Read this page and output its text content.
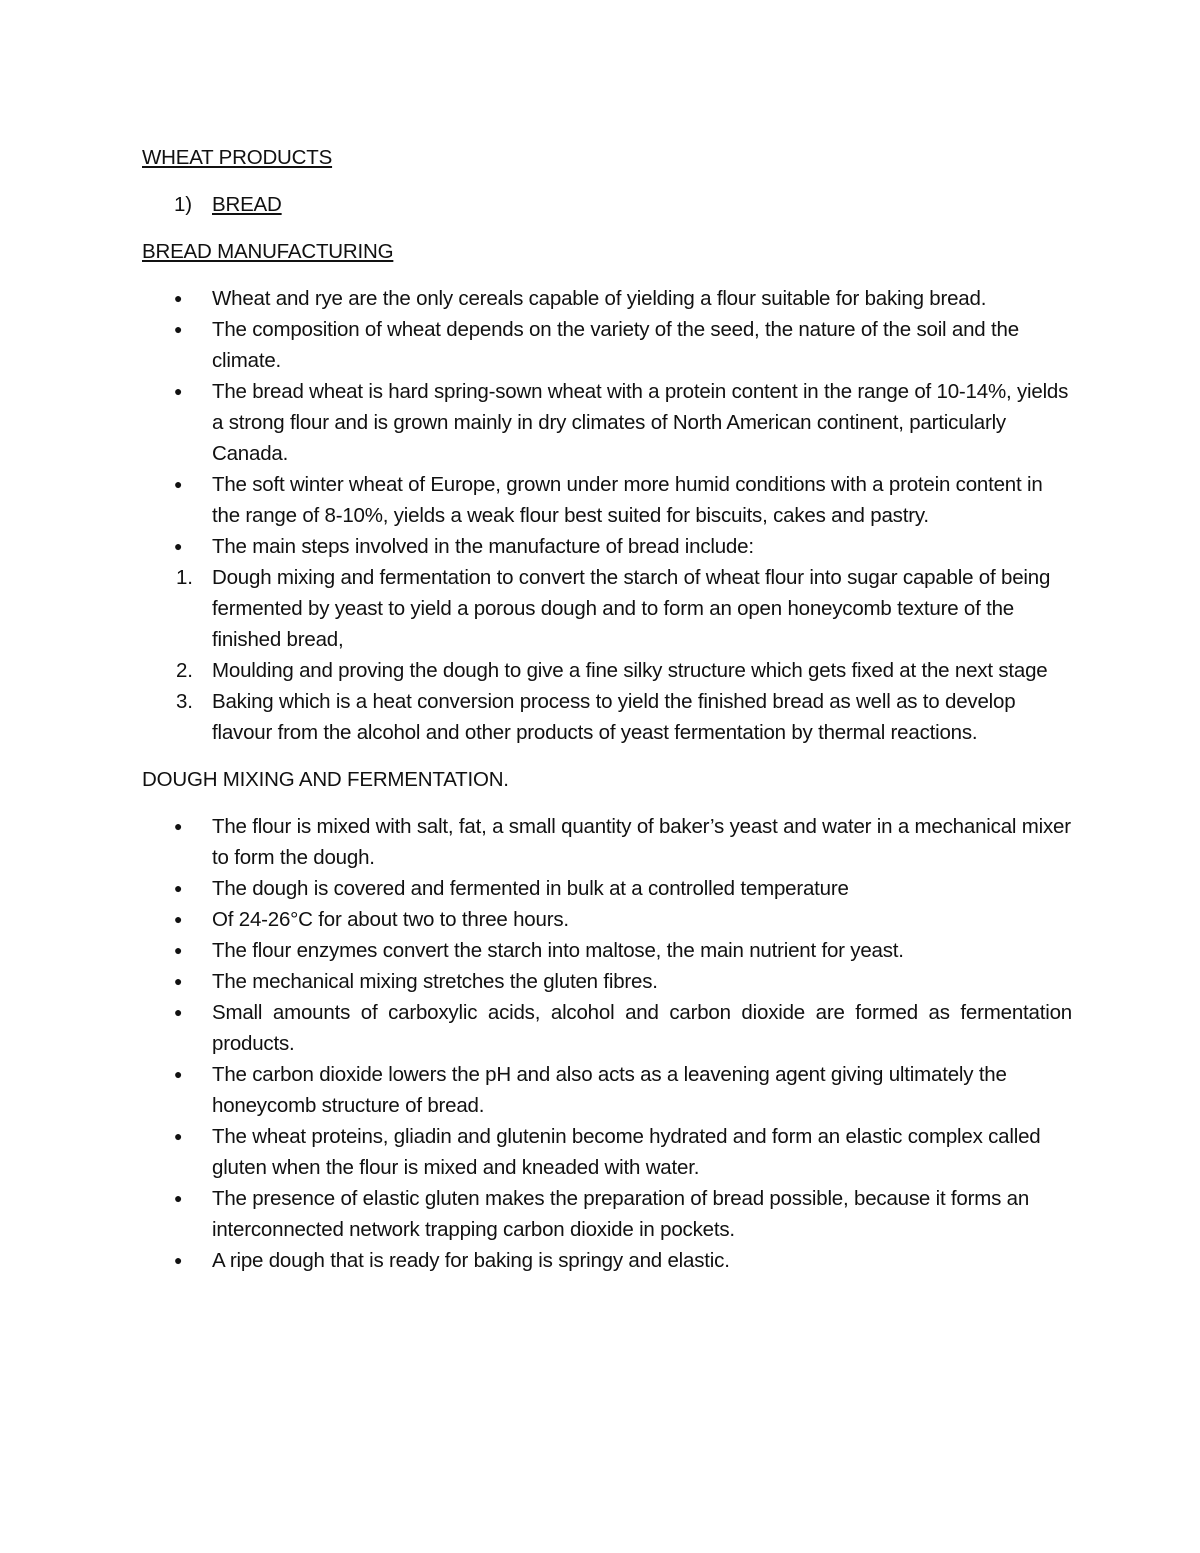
WHEAT PRODUCTS
1) BREAD
BREAD MANUFACTURING
●	Wheat and rye are the only cereals capable of yielding a flour suitable for baking bread.
●	The composition of wheat depends on the variety of the seed, the nature of the soil and the climate.
●	The bread wheat is hard spring-sown wheat with a protein content in the range of 10-14%, yields a strong flour and is grown mainly in dry climates of North American continent, particularly Canada.
●	The soft winter wheat of Europe, grown under more humid conditions with a protein content in the range of 8-10%, yields a weak flour best suited for biscuits, cakes and pastry.
●	The main steps involved in the manufacture of bread include:
1. Dough mixing and fermentation to convert the starch of wheat flour into sugar capable of being fermented by yeast to yield a porous dough and to form an open honeycomb texture of the finished bread,
2. Moulding and proving the dough to give a fine silky structure which gets fixed at the next stage
3. Baking which is a heat conversion process to yield the finished bread as well as to develop flavour from the alcohol and other products of yeast fermentation by thermal reactions.
DOUGH MIXING AND FERMENTATION.
●	The flour is mixed with salt, fat, a small quantity of baker’s yeast and water in a mechanical mixer to form the dough.
●	The dough is covered and fermented in bulk at a controlled temperature
●	Of 24-26°C for about two to three hours.
●	The flour enzymes convert the starch into maltose, the main nutrient for yeast.
●	The mechanical mixing stretches the gluten fibres.
●	Small amounts of carboxylic acids, alcohol and carbon dioxide are formed as fermentation products.
●	The carbon dioxide lowers the pH and also acts as a leavening agent giving ultimately the honeycomb structure of bread.
●	The wheat proteins, gliadin and glutenin become hydrated and form an elastic complex called gluten when the flour is mixed and kneaded with water.
●	The presence of elastic gluten makes the preparation of bread possible, because it forms an interconnected network trapping carbon dioxide in pockets.
●	A ripe dough that is ready for baking is springy and elastic.
